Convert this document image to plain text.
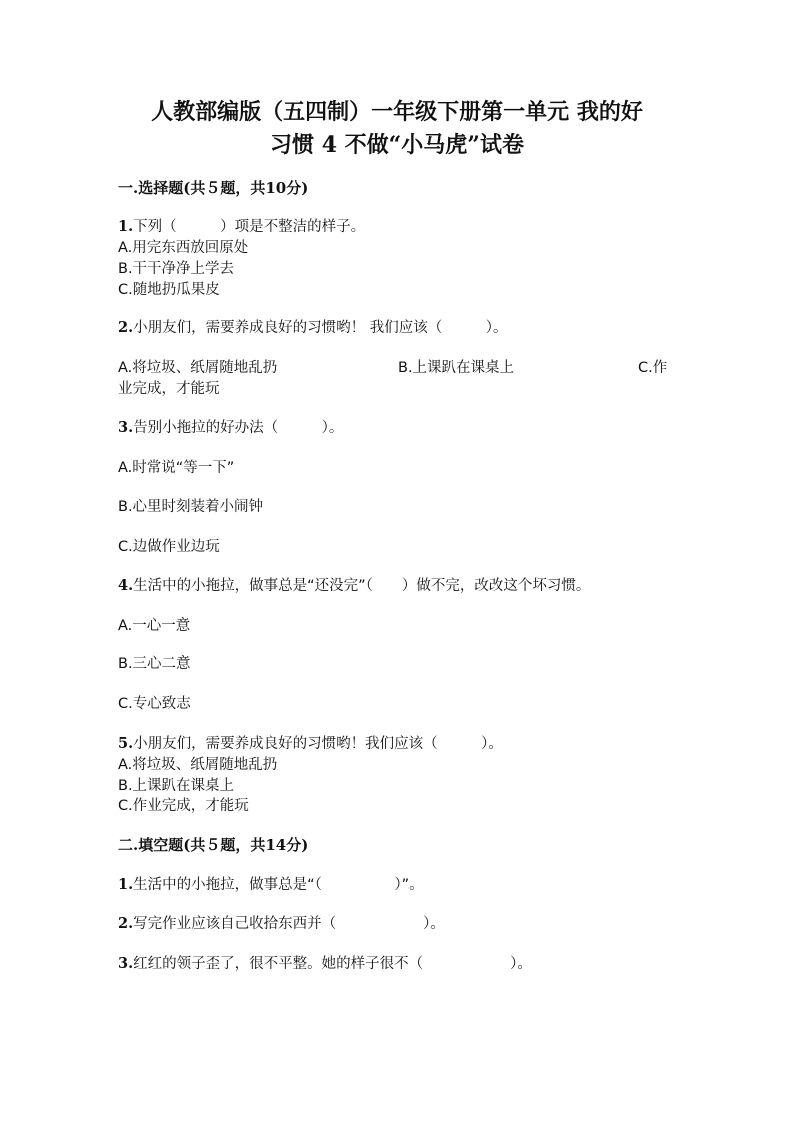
人教部编版（五四制）一年级下册第一单元 我的好
习惯 4 不做“小马虎”试卷
一.选择题(共５题，共10分)
1.下列（　　　）项是不整洁的样子。
A.用完东西放回原处
B.干干净净上学去
C.随地扔瓜果皮
2.小朋友们，需要养成良好的习惯哟！ 我们应该（　　　）。
A.将垃圾、纸屑随地乱扔	B.上课趴在课桌上	C.作
业完成，才能玩
3.告别小拖拉的好办法（　　　）。
A.时常说“等一下”
B.心里时刻装着小闹钟
C.边做作业边玩
4.生活中的小拖拉，做事总是“还没完”（　　）做不完，改改这个坏习惯。
A.一心一意
B.三心二意
C.专心致志
5.小朋友们，需要养成良好的习惯哟！我们应该（　　　）。
A.将垃圾、纸屑随地乱扔
B.上课趴在课桌上
C.作业完成，才能玩
二.填空题(共５题，共14分)
1.生活中的小拖拉，做事总是“（　　　　　）”。
2.写完作业应该自己收拾东西并（　　　　　　）。
3.红红的领子歪了，很不平整。她的样子很不（　　　　　　）。
